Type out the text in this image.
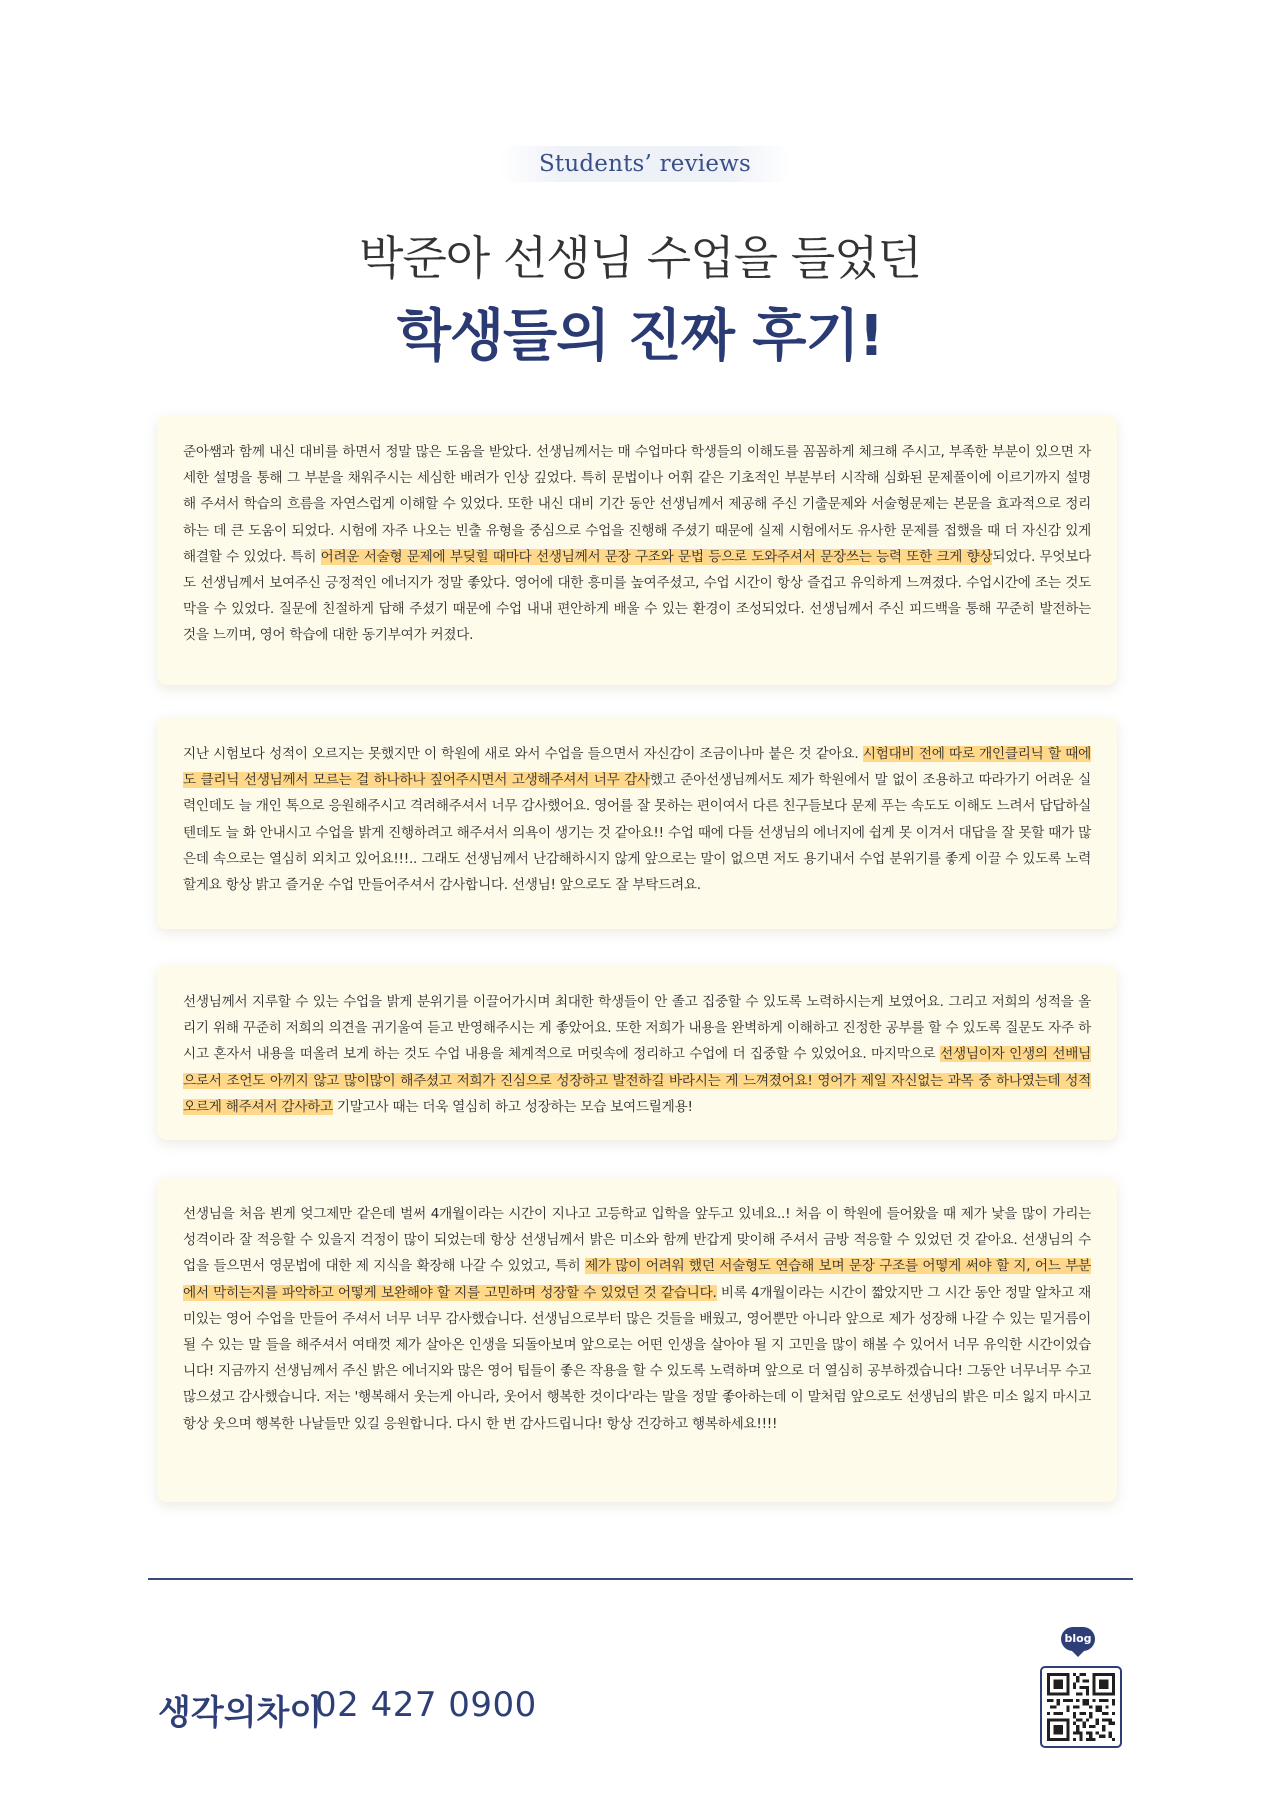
Students’ reviews
박준아 선생님 수업을 들었던
학생들의 진짜 후기!

준아쌤과 함께 내신 대비를 하면서 정말 많은 도움을 받았다. 선생님께서는 매 수업마다 학생들의 이해도를 꼼꼼하게 체크해 주시고, 부족한 부분이 있으면 자세한 설명을 통해 그 부분을 채워주시는 세심한 배려가 인상 깊었다. 특히 문법이나 어휘 같은 기초적인 부분부터 시작해 심화된 문제풀이에 이르기까지 설명해 주셔서 학습의 흐름을 자연스럽게 이해할 수 있었다. 또한 내신 대비 기간 동안 선생님께서 제공해 주신 기출문제와 서술형문제는 본문을 효과적으로 정리하는 데 큰 도움이 되었다. 시험에 자주 나오는 빈출 유형을 중심으로 수업을 진행해 주셨기 때문에 실제 시험에서도 유사한 문제를 접했을 때 더 자신감 있게 해결할 수 있었다. 특히 어려운 서술형 문제에 부딪힐 때마다 선생님께서 문장 구조와 문법 등으로 도와주셔서 문장쓰는 능력 또한 크게 향상되었다. 무엇보다도 선생님께서 보여주신 긍정적인 에너지가 정말 좋았다. 영어에 대한 흥미를 높여주셨고, 수업 시간이 항상 즐겁고 유익하게 느껴졌다. 수업시간에 조는 것도 막을 수 있었다. 질문에 친절하게 답해 주셨기 때문에 수업 내내 편안하게 배울 수 있는 환경이 조성되었다. 선생님께서 주신 피드백을 통해 꾸준히 발전하는 것을 느끼며, 영어 학습에 대한 동기부여가 커졌다.

지난 시험보다 성적이 오르지는 못했지만 이 학원에 새로 와서 수업을 들으면서 자신감이 조금이나마 붙은 것 같아요. 시험대비 전에 따로 개인클리닉 할 때에도 클리닉 선생님께서 모르는 걸 하나하나 짚어주시면서 고생해주셔서 너무 감사했고 준아선생님께서도 제가 학원에서 말 없이 조용하고 따라가기 어려운 실력인데도 늘 개인 톡으로 응원해주시고 격려해주셔서 너무 감사했어요. 영어를 잘 못하는 편이여서 다른 친구들보다 문제 푸는 속도도 이해도 느려서 답답하실 텐데도 늘 화 안내시고 수업을 밝게 진행하려고 해주셔서 의욕이 생기는 것 같아요!! 수업 때에 다들 선생님의 에너지에 쉽게 못 이겨서 대답을 잘 못할 때가 많은데 속으로는 열심히 외치고 있어요!!!.. 그래도 선생님께서 난감해하시지 않게 앞으로는 말이 없으면 저도 용기내서 수업 분위기를 좋게 이끌 수 있도록 노력할게요 항상 밝고 즐거운 수업 만들어주셔서 감사합니다. 선생님! 앞으로도 잘 부탁드려요.

선생님께서 지루할 수 있는 수업을 밝게 분위기를 이끌어가시며 최대한 학생들이 안 졸고 집중할 수 있도록 노력하시는게 보였어요. 그리고 저희의 성적을 올리기 위해 꾸준히 저희의 의견을 귀기울여 듣고 반영해주시는 게 좋았어요. 또한 저희가 내용을 완벽하게 이해하고 진정한 공부를 할 수 있도록 질문도 자주 하시고 혼자서 내용을 떠올려 보게 하는 것도 수업 내용을 체계적으로 머릿속에 정리하고 수업에 더 집중할 수 있었어요. 마지막으로 선생님이자 인생의 선배님으로서 조언도 아끼지 않고 많이많이 해주셨고 저희가 진심으로 성장하고 발전하길 바라시는 게 느껴졌어요! 영어가 제일 자신없는 과목 중 하나였는데 성적 오르게 해주셔서 감사하고 기말고사 때는 더욱 열심히 하고 성장하는 모습 보여드릴게용!

선생님을 처음 뵌게 엊그제만 같은데 벌써 4개월이라는 시간이 지나고 고등학교 입학을 앞두고 있네요..! 처음 이 학원에 들어왔을 때 제가 낯을 많이 가리는 성격이라 잘 적응할 수 있을지 걱정이 많이 되었는데 항상 선생님께서 밝은 미소와 함께 반갑게 맞이해 주셔서 금방 적응할 수 있었던 것 같아요. 선생님의 수업을 들으면서 영문법에 대한 제 지식을 확장해 나갈 수 있었고, 특히 제가 많이 어려워 했던 서술형도 연습해 보며 문장 구조를 어떻게 써야 할 지, 어느 부분에서 막히는지를 파악하고 어떻게 보완해야 할 지를 고민하며 성장할 수 있었던 것 같습니다. 비록 4개월이라는 시간이 짧았지만 그 시간 동안 정말 알차고 재미있는 영어 수업을 만들어 주셔서 너무 너무 감사했습니다. 선생님으로부터 많은 것들을 배웠고, 영어뿐만 아니라 앞으로 제가 성장해 나갈 수 있는 밑거름이 될 수 있는 말 들을 해주셔서 여태껏 제가 살아온 인생을 되돌아보며 앞으로는 어떤 인생을 살아야 될 지 고민을 많이 해볼 수 있어서 너무 유익한 시간이었습니다! 지금까지 선생님께서 주신 밝은 에너지와 많은 영어 팁들이 좋은 작용을 할 수 있도록 노력하며 앞으로 더 열심히 공부하겠습니다! 그동안 너무너무 수고 많으셨고 감사했습니다. 저는 '행복해서 웃는게 아니라, 웃어서 행복한 것이다'라는 말을 정말 좋아하는데 이 말처럼 앞으로도 선생님의 밝은 미소 잃지 마시고 항상 웃으며 행복한 나날들만 있길 응원합니다. 다시 한 번 감사드립니다! 항상 건강하고 행복하세요!!!!

생각의차이
02 427 0900
blog
